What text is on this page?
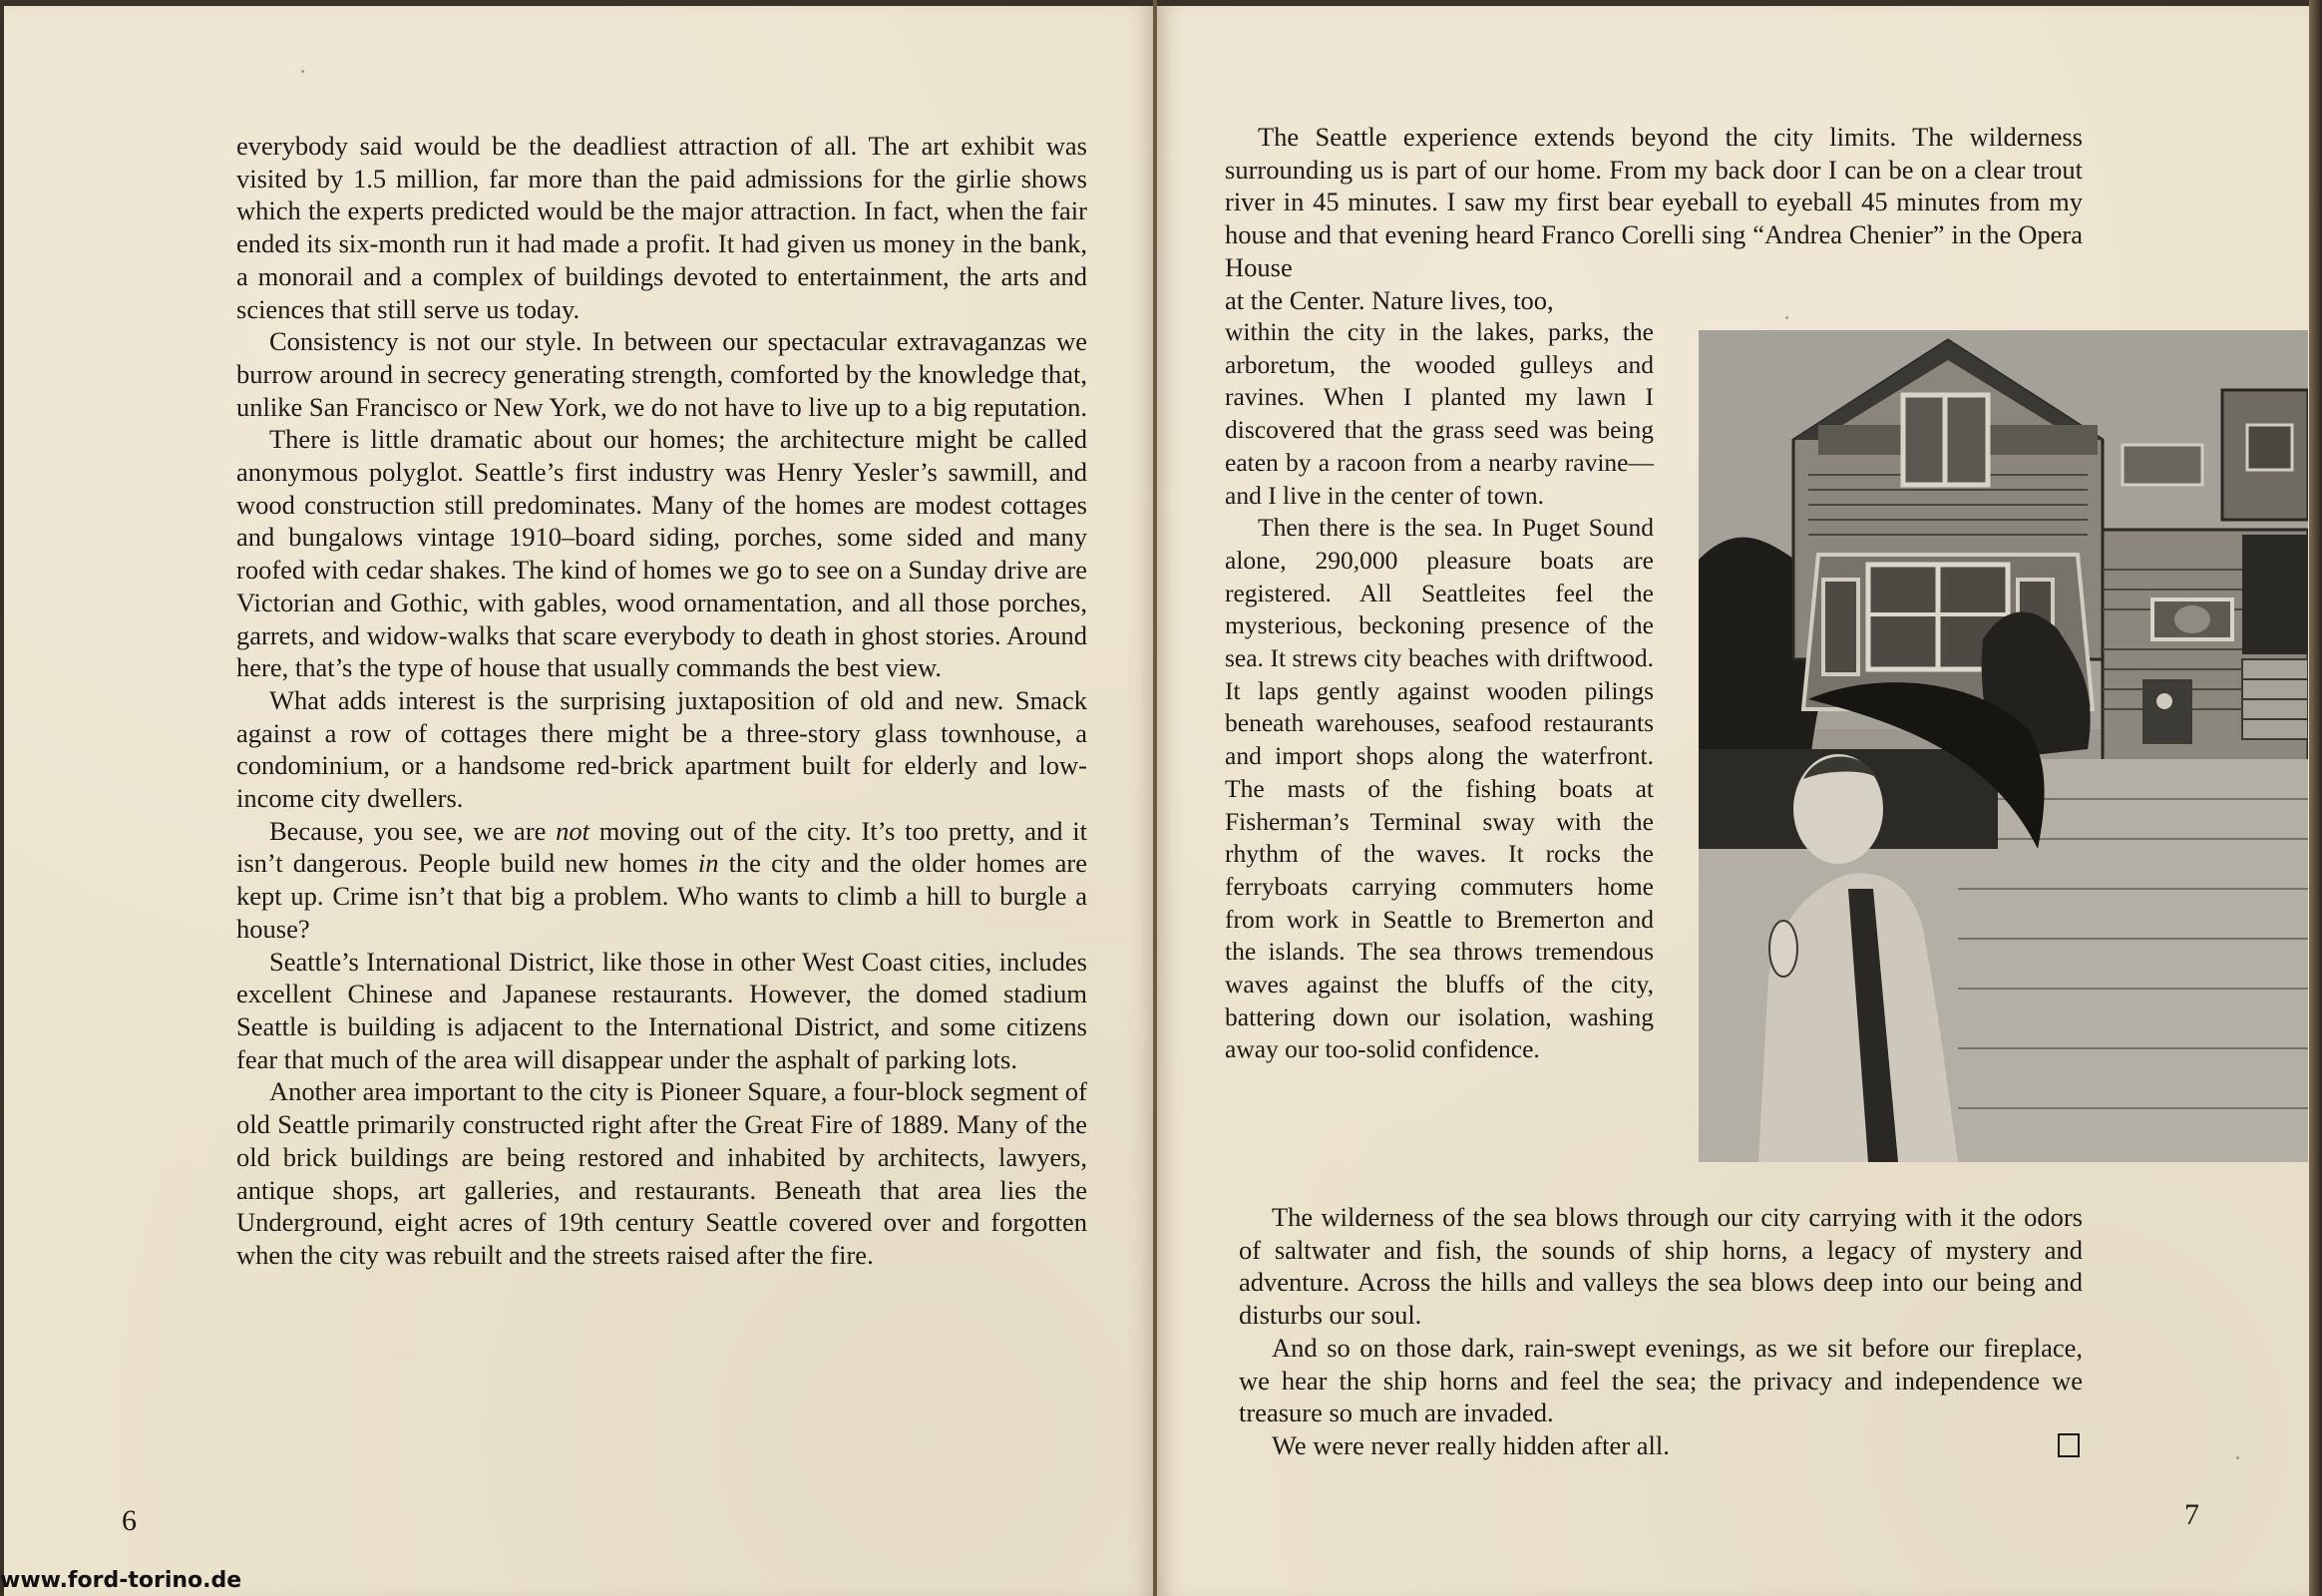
everybody said would be the deadliest attraction of all. The art exhibit was visited by 1.5 million, far more than the paid admissions for the girlie shows which the experts predicted would be the major attraction. In fact, when the fair ended its six-month run it had made a profit. It had given us money in the bank, a monorail and a complex of buildings devoted to entertainment, the arts and sciences that still serve us today.

Consistency is not our style. In between our spectacular extravaganzas we burrow around in secrecy generating strength, comforted by the knowledge that, unlike San Francisco or New York, we do not have to live up to a big reputation.

There is little dramatic about our homes; the architecture might be called anonymous polyglot. Seattle’s first industry was Henry Yesler’s sawmill, and wood construction still predominates. Many of the homes are modest cottages and bungalows vintage 1910–board siding, porches, some sided and many roofed with cedar shakes. The kind of homes we go to see on a Sunday drive are Victorian and Gothic, with gables, wood ornamentation, and all those porches, garrets, and widow-walks that scare everybody to death in ghost stories. Around here, that’s the type of house that usually commands the best view.

What adds interest is the surprising juxtaposition of old and new. Smack against a row of cottages there might be a three-story glass townhouse, a condominium, or a handsome red-brick apartment built for elderly and low-income city dwellers.

Because, you see, we are not moving out of the city. It’s too pretty, and it isn’t dangerous. People build new homes in the city and the older homes are kept up. Crime isn’t that big a problem. Who wants to climb a hill to burgle a house?

Seattle’s International District, like those in other West Coast cities, includes excellent Chinese and Japanese restaurants. However, the domed stadium Seattle is building is adjacent to the International District, and some citizens fear that much of the area will disappear under the asphalt of parking lots.

Another area important to the city is Pioneer Square, a four-block segment of old Seattle primarily constructed right after the Great Fire of 1889. Many of the old brick buildings are being restored and inhabited by architects, lawyers, antique shops, art galleries, and restaurants. Beneath that area lies the Underground, eight acres of 19th century Seattle covered over and forgotten when the city was rebuilt and the streets raised after the fire.

6
www.ford-torino.de

The Seattle experience extends beyond the city limits. The wilderness surrounding us is part of our home. From my back door I can be on a clear trout river in 45 minutes. I saw my first bear eyeball to eyeball 45 minutes from my house and that evening heard Franco Corelli sing “Andrea Chenier” in the Opera House

at the Center. Nature lives, too,

within the city in the lakes, parks, the arboretum, the wooded gulleys and ravines. When I planted my lawn I discovered that the grass seed was being eaten by a racoon from a nearby ravine— and I live in the center of town.

Then there is the sea. In Puget Sound alone, 290,000 pleasure boats are registered. All Seattleites feel the mysterious, beckoning presence of the sea. It strews city beaches with driftwood. It laps gently against wooden pilings beneath warehouses, seafood restaurants and import shops along the waterfront. The masts of the fishing boats at Fisherman’s Terminal sway with the rhythm of the waves. It rocks the ferryboats carrying commuters home from work in Seattle to Bremerton and the islands. The sea throws tremendous waves against the bluffs of the city, battering down our isolation, washing away our too-solid confidence.

The wilderness of the sea blows through our city carrying with it the odors of saltwater and fish, the sounds of ship horns, a legacy of mystery and adventure. Across the hills and valleys the sea blows deep into our being and disturbs our soul.

And so on those dark, rain-swept evenings, as we sit before our fireplace, we hear the ship horns and feel the sea; the privacy and independence we treasure so much are invaded.

We were never really hidden after all.

7
